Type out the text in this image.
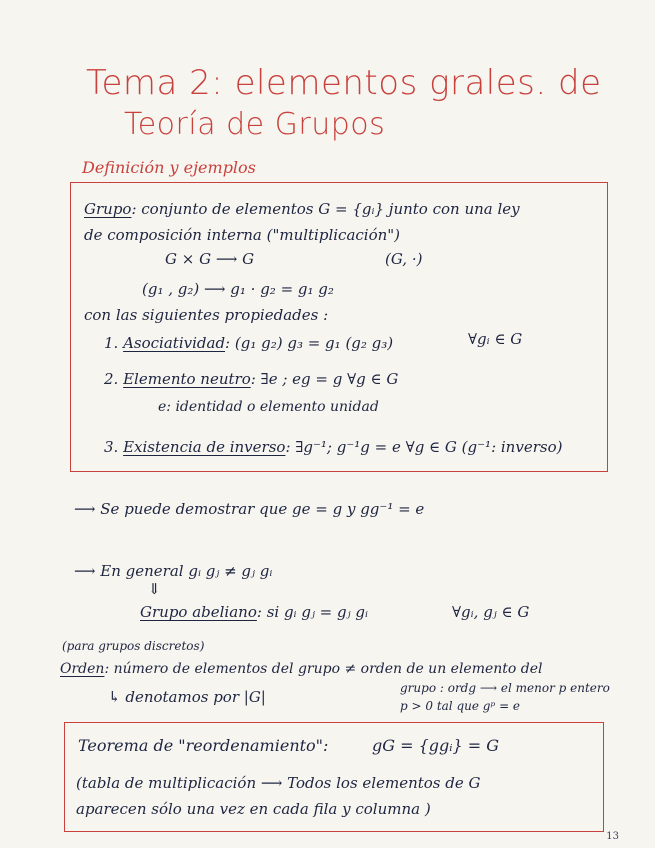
Tema 2: elementos grales. de
Teoría de Grupos
Definición y ejemplos
Grupo: conjunto de elementos G = {gᵢ} junto con una ley
de composición interna ("multiplicación")
G × G ⟶ G	(G, ·)
(g₁ , g₂) ⟶ g₁ · g₂ = g₁ g₂
con las siguientes propiedades :
1. Asociatividad: (g₁ g₂) g₃ = g₁ (g₂ g₃)	∀gᵢ ∈ G
2. Elemento neutro: ∃e ; eg = g ∀g ∈ G
e: identidad o elemento unidad
3. Existencia de inverso: ∃g⁻¹; g⁻¹g = e ∀g ∈ G (g⁻¹: inverso)
⟶ Se puede demostrar que ge = g y gg⁻¹ = e
⟶ En general gᵢ gⱼ ≠ gⱼ gᵢ
⇓
Grupo abeliano: si gᵢ gⱼ = gⱼ gᵢ	∀gᵢ, gⱼ ∈ G
(para grupos discretos)
Orden: número de elementos del grupo ≠ orden de un elemento del
grupo : ordg ⟶ el menor p entero
p > 0 tal que gᵖ = e
↳ denotamos por |G|
Teorema de "reordenamiento":	gG = {ggᵢ} = G
(tabla de multiplicación ⟶ Todos los elementos de G
aparecen sólo una vez en cada fila y columna )
13
